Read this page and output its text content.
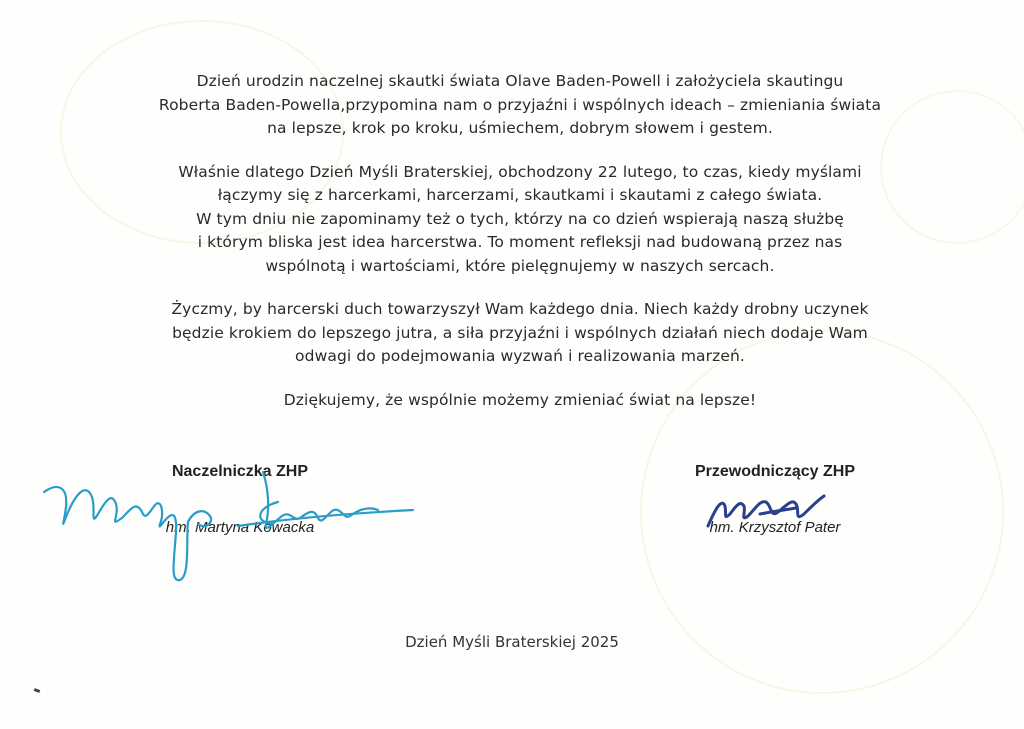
Dzień urodzin naczelnej skautki świata Olave Baden-Powell i założyciela skautingu
Roberta Baden-Powella,przypomina nam o przyjaźni i wspólnych ideach – zmieniania świata
na lepsze, krok po kroku, uśmiechem, dobrym słowem i gestem.

Właśnie dlatego Dzień Myśli Braterskiej, obchodzony 22 lutego, to czas, kiedy myślami
łączymy się z harcerkami, harcerzami, skautkami i skautami z całego świata.
W tym dniu nie zapominamy też o tych, którzy na co dzień wspierają naszą służbę
i którym bliska jest idea harcerstwa. To moment refleksji nad budowaną przez nas
wspólnotą i wartościami, które pielęgnujemy w naszych sercach.

Życzmy, by harcerski duch towarzyszył Wam każdego dnia. Niech każdy drobny uczynek
będzie krokiem do lepszego jutra, a siła przyjaźni i wspólnych działań niech dodaje Wam
odwagi do podejmowania wyzwań i realizowania marzeń.

Dziękujemy, że wspólnie możemy zmieniać świat na lepsze!

Naczelniczka ZHP
hm. Martyna Kowacka
Przewodniczący ZHP
hm. Krzysztof Pater
Dzień Myśli Braterskiej 2025
